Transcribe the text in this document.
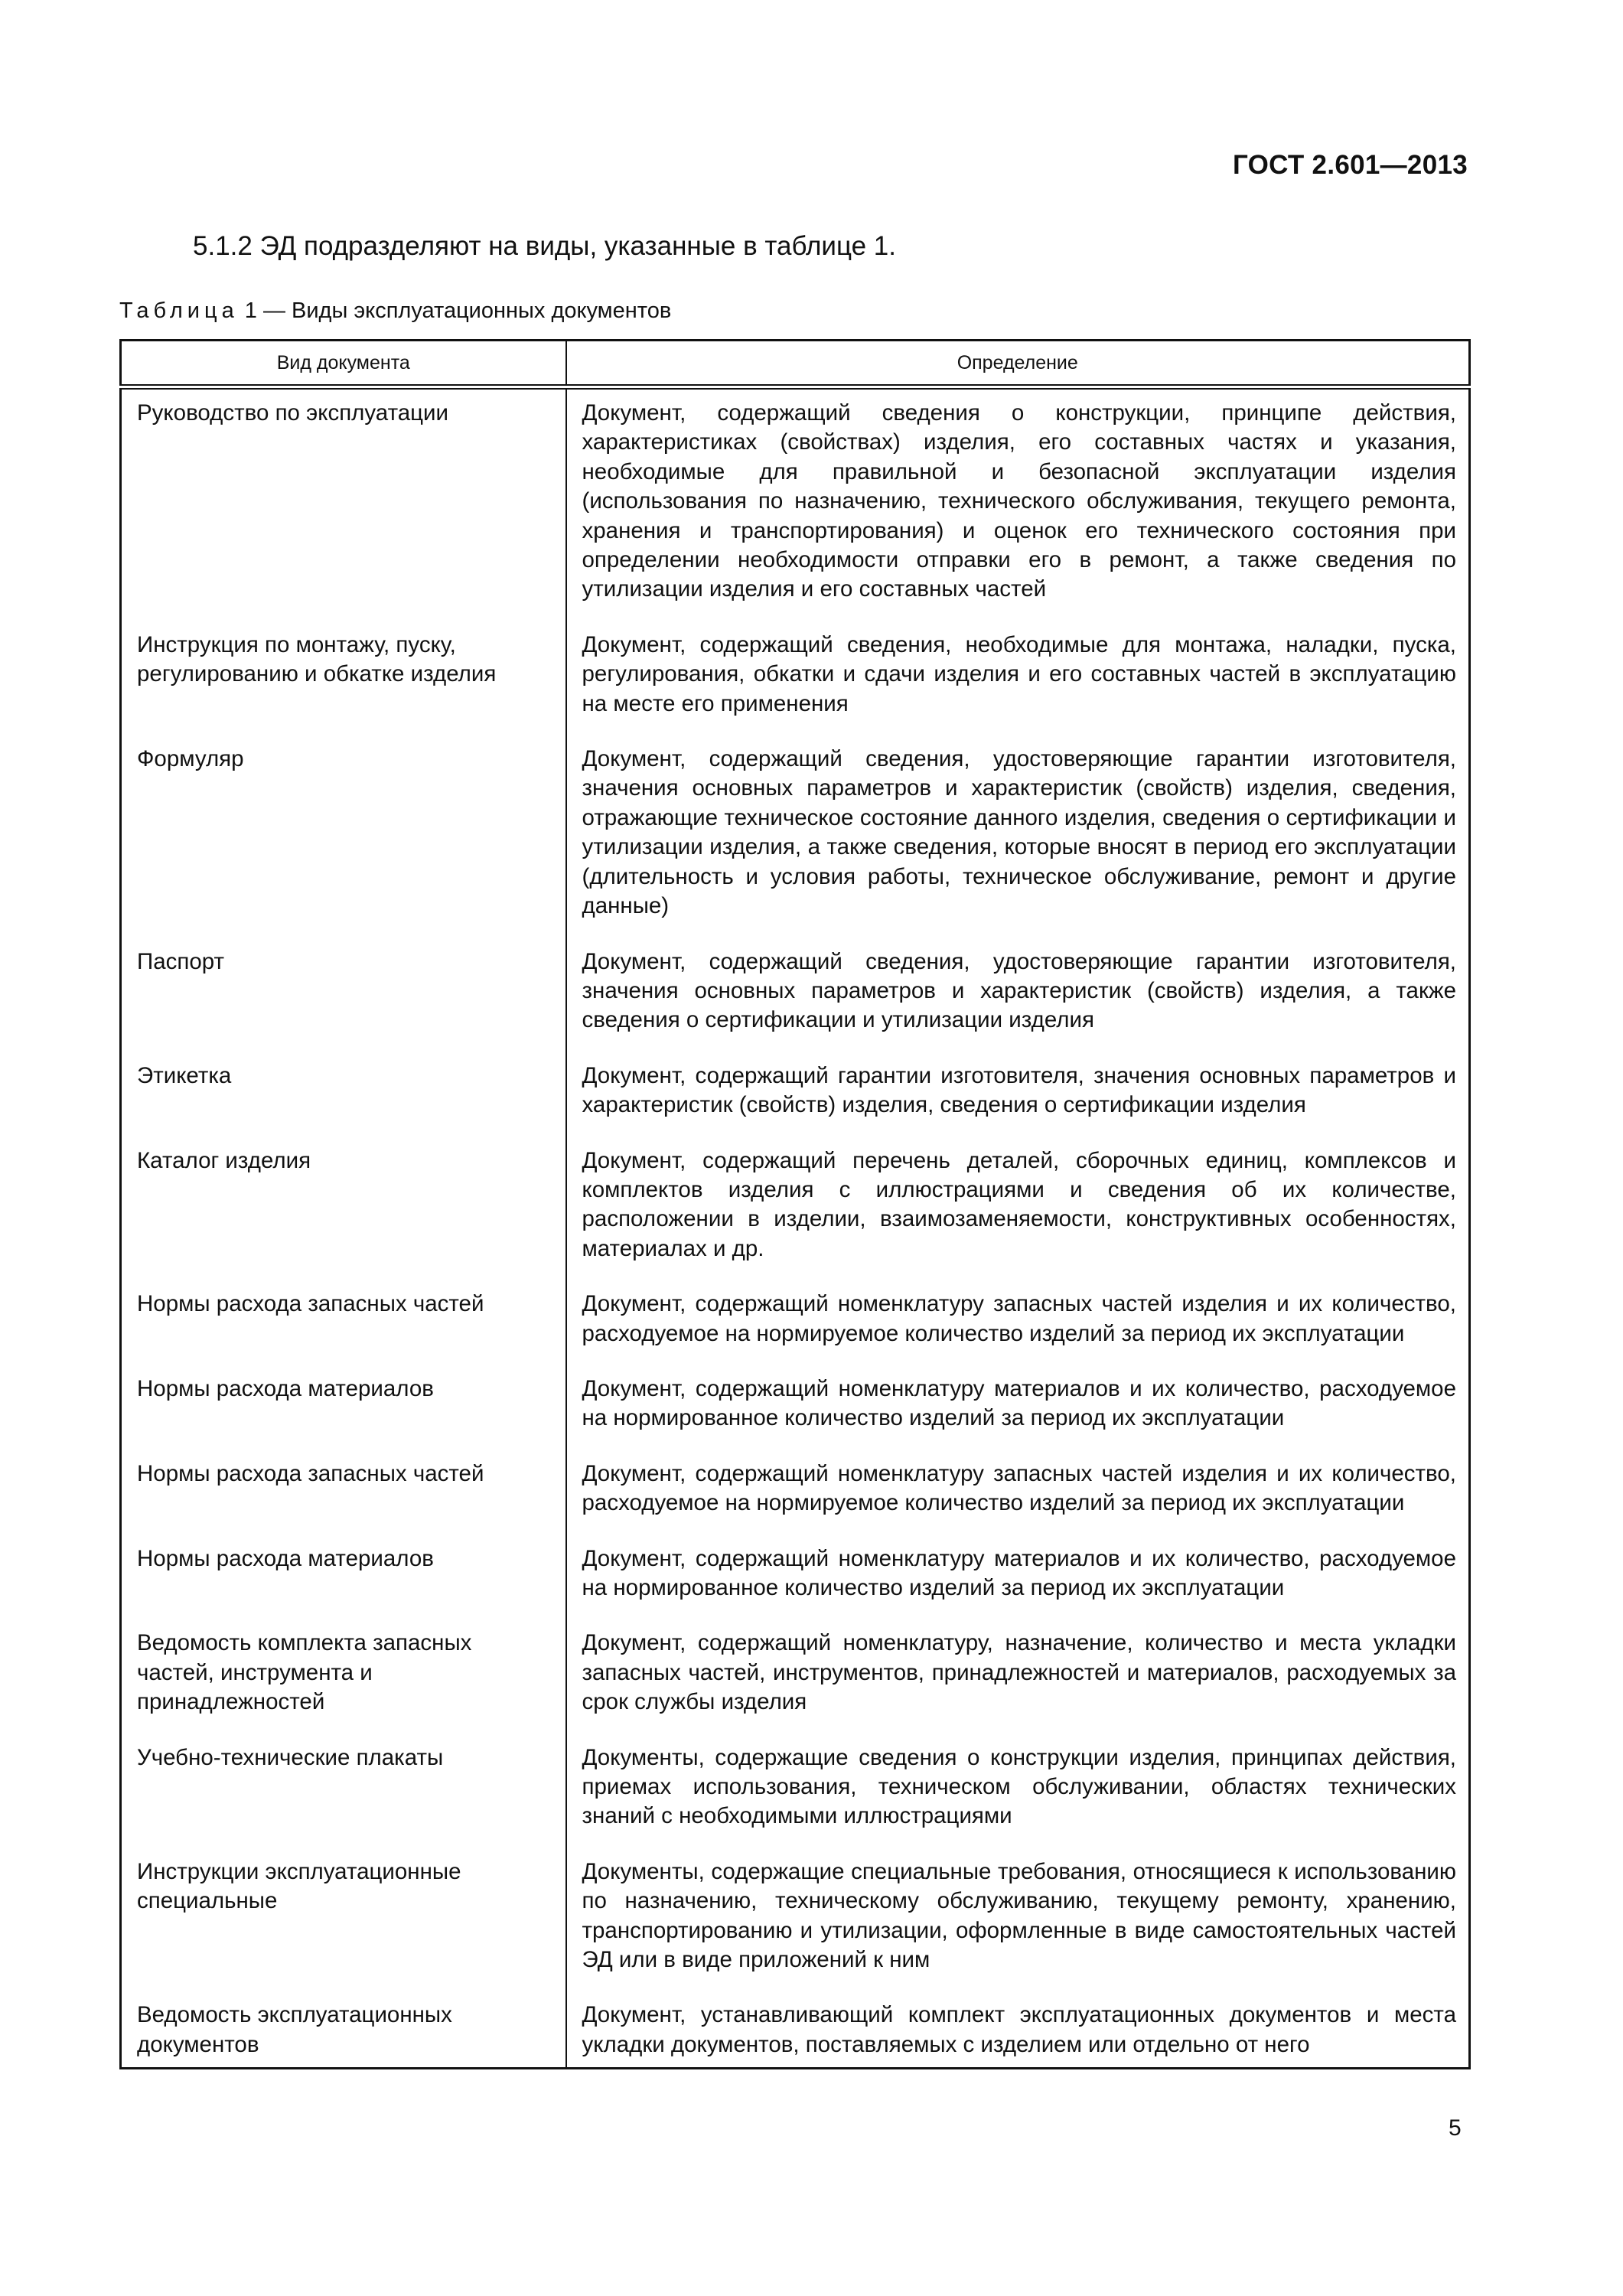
ГОСТ 2.601—2013
5.1.2 ЭД подразделяют на виды, указанные в таблице 1.
Таблица 1 — Виды эксплуатационных документов
Вид документа	Определение
Руководство по эксплуатации	Документ, содержащий сведения о конструкции, принципе действия, характеристиках (свойствах) изделия, его составных частях и указания, необходимые для правильной и безопасной эксплуатации изделия (использования по назначению, технического обслуживания, текущего ремонта, хранения и транспортирования) и оценок его технического состояния при определении необходимости отправки его в ремонт, а также сведения по утилизации изделия и его составных частей
Инструкция по монтажу, пуску, регулированию и обкатке изделия	Документ, содержащий сведения, необходимые для монтажа, наладки, пуска, регулирования, обкатки и сдачи изделия и его составных частей в эксплуатацию на месте его применения
Формуляр	Документ, содержащий сведения, удостоверяющие гарантии изготовителя, значения основных параметров и характеристик (свойств) изделия, сведения, отражающие техническое состояние данного изделия, сведения о сертификации и утилизации изделия, а также сведения, которые вносят в период его эксплуатации (длительность и условия работы, техническое обслуживание, ремонт и другие данные)
Паспорт	Документ, содержащий сведения, удостоверяющие гарантии изготовителя, значения основных параметров и характеристик (свойств) изделия, а также сведения о сертификации и утилизации изделия
Этикетка	Документ, содержащий гарантии изготовителя, значения основных параметров и характеристик (свойств) изделия, сведения о сертификации изделия
Каталог изделия	Документ, содержащий перечень деталей, сборочных единиц, комплексов и комплектов изделия с иллюстрациями и сведения об их количестве, расположении в изделии, взаимозаменяемости, конструктивных особенностях, материалах и др.
Нормы расхода запасных частей	Документ, содержащий номенклатуру запасных частей изделия и их количество, расходуемое на нормируемое количество изделий за период их эксплуатации
Нормы расхода материалов	Документ, содержащий номенклатуру материалов и их количество, расходуемое на нормированное количество изделий за период их эксплуатации
Нормы расхода запасных частей	Документ, содержащий номенклатуру запасных частей изделия и их количество, расходуемое на нормируемое количество изделий за период их эксплуатации
Нормы расхода материалов	Документ, содержащий номенклатуру материалов и их количество, расходуемое на нормированное количество изделий за период их эксплуатации
Ведомость комплекта запасных частей, инструмента и принадлежностей	Документ, содержащий номенклатуру, назначение, количество и места укладки запасных частей, инструментов, принадлежностей и материалов, расходуемых за срок службы изделия
Учебно-технические плакаты	Документы, содержащие сведения о конструкции изделия, принципах действия, приемах использования, техническом обслуживании, областях технических знаний с необходимыми иллюстрациями
Инструкции эксплуатационные специальные	Документы, содержащие специальные требования, относящиеся к использованию по назначению, техническому обслуживанию, текущему ремонту, хранению, транспортированию и утилизации, оформленные в виде самостоятельных частей ЭД или в виде приложений к ним
Ведомость эксплуатационных документов	Документ, устанавливающий комплект эксплуатационных документов и места укладки документов, поставляемых с изделием или отдельно от него
5
